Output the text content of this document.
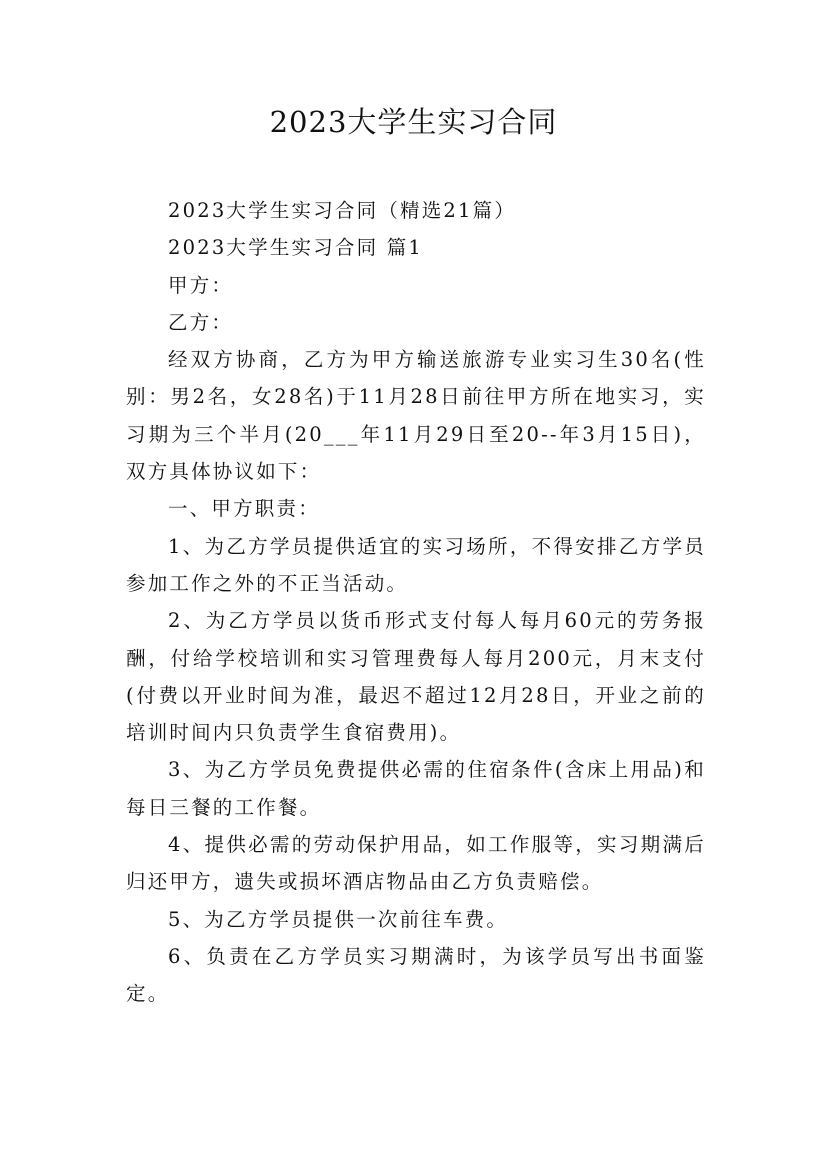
2023大学生实习合同

2023大学生实习合同（精选21篇）

2023大学生实习合同 篇1

甲方：

乙方：

经双方协商，乙方为甲方输送旅游专业实习生30名(性别：男2名，女28名)于11月28日前往甲方所在地实习，实习期为三个半月(20___年11月29日至20--年3月15日)，双方具体协议如下：

一、甲方职责：

1、为乙方学员提供适宜的实习场所，不得安排乙方学员参加工作之外的不正当活动。

2、为乙方学员以货币形式支付每人每月60元的劳务报酬，付给学校培训和实习管理费每人每月200元，月末支付(付费以开业时间为准，最迟不超过12月28日，开业之前的培训时间内只负责学生食宿费用)。

3、为乙方学员免费提供必需的住宿条件(含床上用品)和每日三餐的工作餐。

4、提供必需的劳动保护用品，如工作服等，实习期满后归还甲方，遗失或损坏酒店物品由乙方负责赔偿。

5、为乙方学员提供一次前往车费。

6、负责在乙方学员实习期满时，为该学员写出书面鉴定。
